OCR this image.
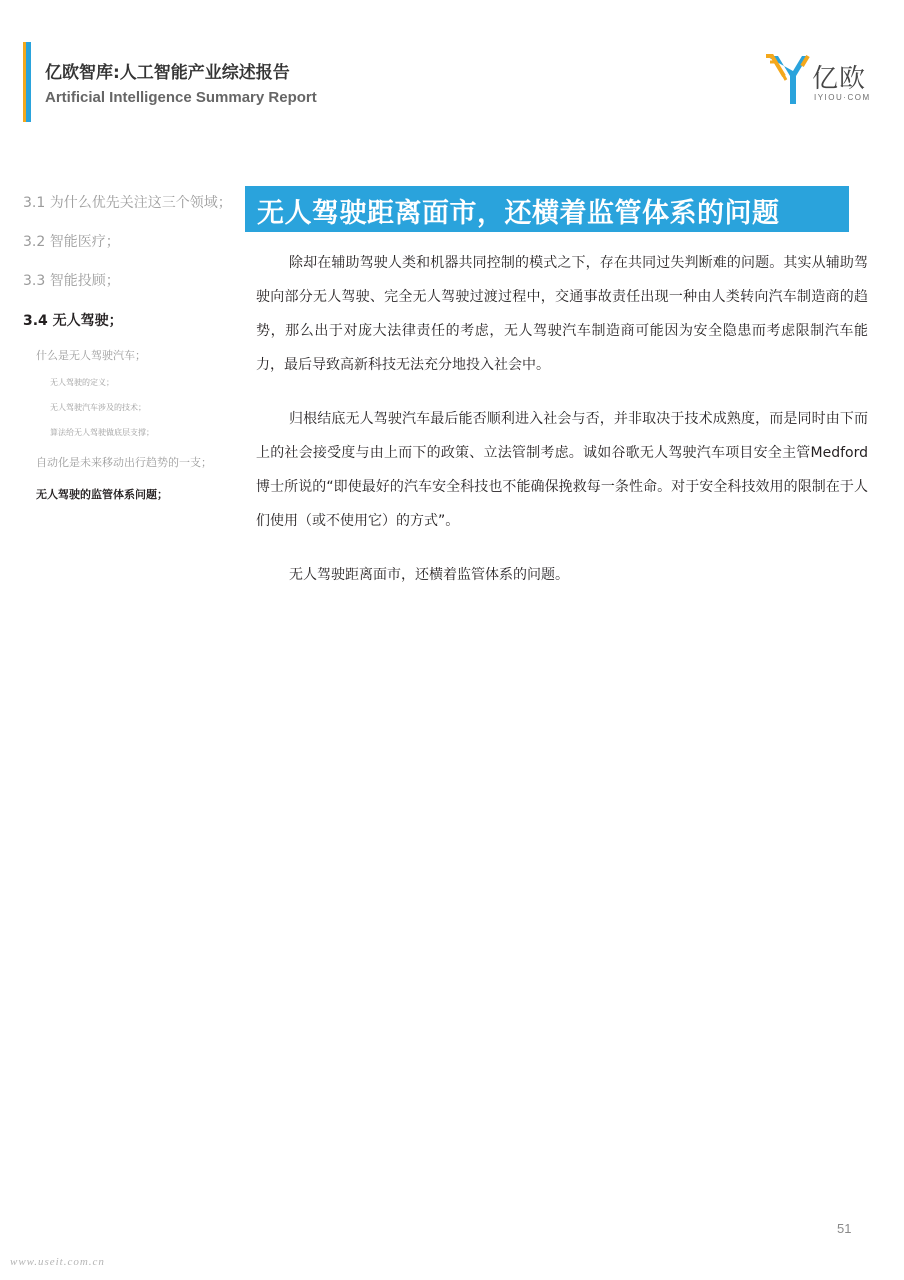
亿欧智库:人工智能产业综述报告
Artificial Intelligence Summary Report
亿欧
IYIOU·COM
3.1 为什么优先关注这三个领域；
3.2 智能医疗；
3.3 智能投顾；
3.4 无人驾驶；
什么是无人驾驶汽车；
无人驾驶的定义；
无人驾驶汽车涉及的技术；
算法给无人驾驶做底层支撑；
自动化是未来移动出行趋势的一支；
无人驾驶的监管体系问题；
无人驾驶距离面市，还横着监管体系的问题

除却在辅助驾驶人类和机器共同控制的模式之下，存在共同过失判断难的问题。其实从辅助驾驶向部分无人驾驶、完全无人驾驶过渡过程中，交通事故责任出现一种由人类转向汽车制造商的趋势，那么出于对庞大法律责任的考虑，无人驾驶汽车制造商可能因为安全隐患而考虑限制汽车能力，最后导致高新科技无法充分地投入社会中。

归根结底无人驾驶汽车最后能否顺利进入社会与否，并非取决于技术成熟度，而是同时由下而上的社会接受度与由上而下的政策、立法管制考虑。诚如谷歌无人驾驶汽车项目安全主管Medford博士所说的“即使最好的汽车安全科技也不能确保挽救每一条性命。对于安全科技效用的限制在于人们使用（或不使用它）的方式”。

无人驾驶距离面市，还横着监管体系的问题。

51
www.useit.com.cn
